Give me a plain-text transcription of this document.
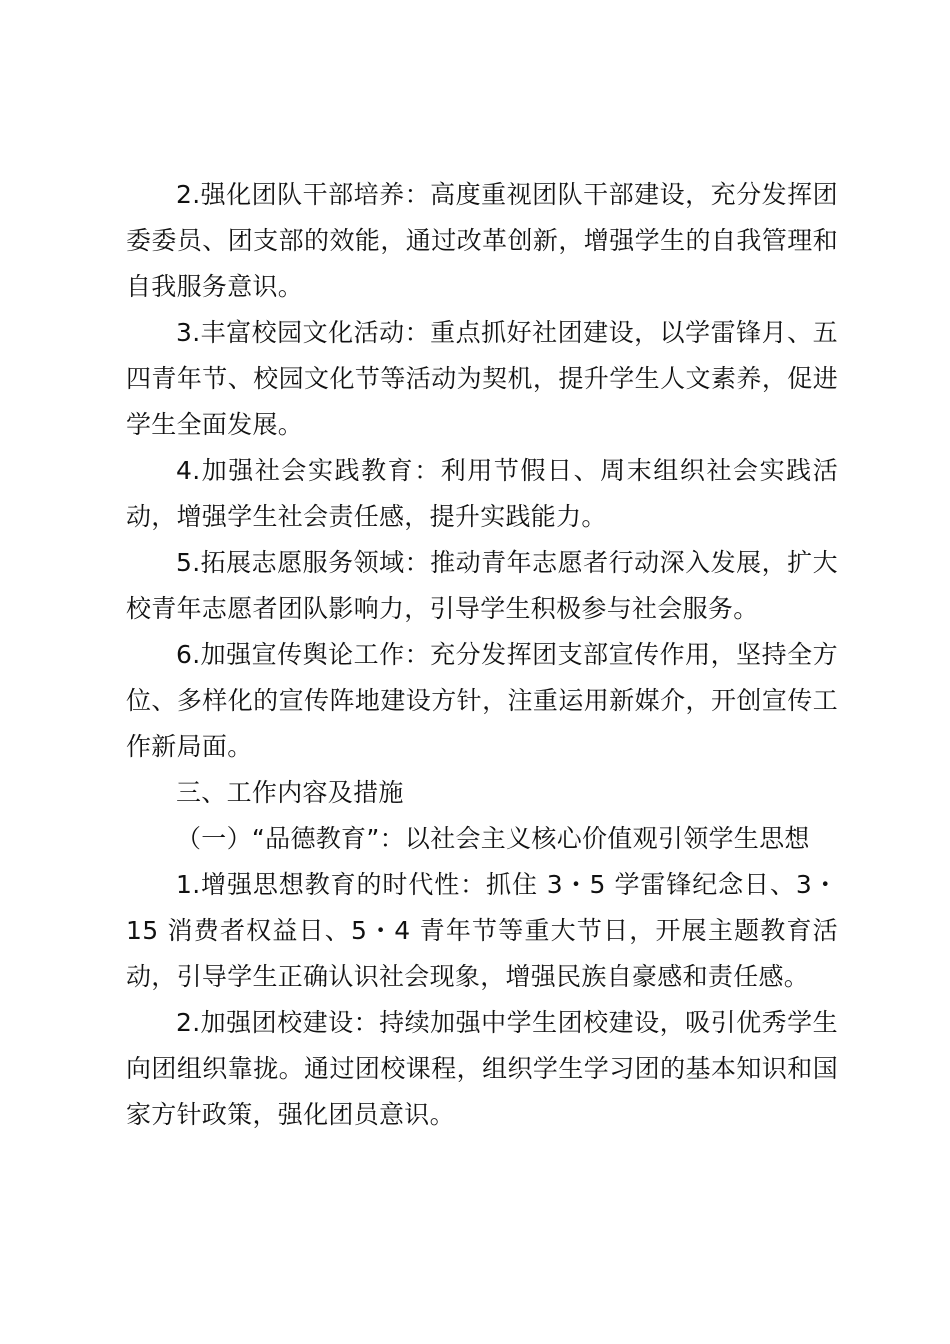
2.强化团队干部培养：高度重视团队干部建设，充分发挥团委委员、团支部的效能，通过改革创新，增强学生的自我管理和自我服务意识。

3.丰富校园文化活动：重点抓好社团建设，以学雷锋月、五四青年节、校园文化节等活动为契机，提升学生人文素养，促进学生全面发展。

4.加强社会实践教育：利用节假日、周末组织社会实践活动，增强学生社会责任感，提升实践能力。

5.拓展志愿服务领域：推动青年志愿者行动深入发展，扩大校青年志愿者团队影响力，引导学生积极参与社会服务。

6.加强宣传舆论工作：充分发挥团支部宣传作用，坚持全方位、多样化的宣传阵地建设方针，注重运用新媒介，开创宣传工作新局面。

三、工作内容及措施

（一）“品德教育”：以社会主义核心价值观引领学生思想

1.增强思想教育的时代性：抓住 3・5 学雷锋纪念日、3・15 消费者权益日、5・4 青年节等重大节日，开展主题教育活动，引导学生正确认识社会现象，增强民族自豪感和责任感。

2.加强团校建设：持续加强中学生团校建设，吸引优秀学生向团组织靠拢。通过团校课程，组织学生学习团的基本知识和国家方针政策，强化团员意识。
